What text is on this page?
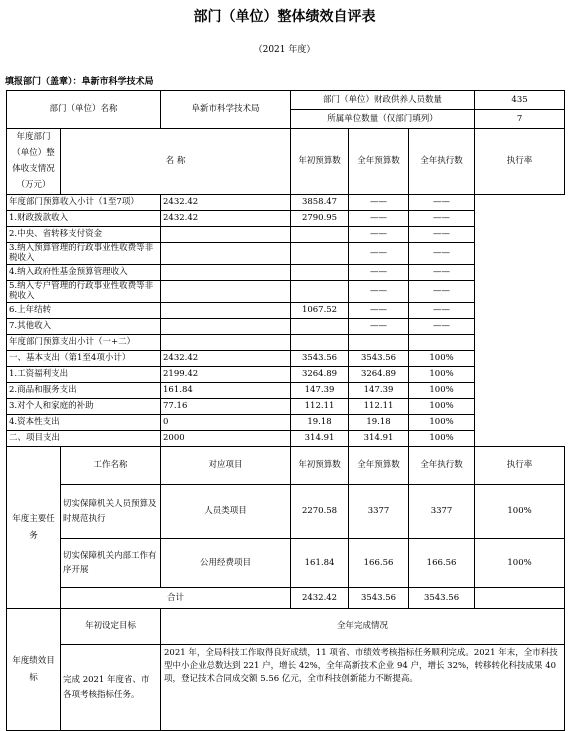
部门（单位）整体绩效自评表
（2021 年度）
填报部门（盖章）：阜新市科学技术局
部门（单位）名称		阜新市科学技术局	部门（单位）财政供养人员数量			435
			所属单位数量（仅部门填列）			7
年度部门（单位）整体收支情况（万元）	名 称		年初预算数	全年预算数	全年执行数	执行率
年度部门预算收入小计（1至7项）		2432.42	3858.47	——	——	
1.财政拨款收入		2432.42	2790.95	——	——	
2.中央、省转移支付资金				——	——	
3.纳入预算管理的行政事业性收费等非税收入				——	——	
4.纳入政府性基金预算管理收入				——	——	
5.纳入专户管理的行政事业性收费等非税收入				——	——	
6.上年结转			1067.52	——	——	
7.其他收入				——	——	
年度部门预算支出小计（一+二）						
一、基本支出（第1至4项小计）		2432.42	3543.56	3543.56	100%	
1.工资福利支出		2199.42	3264.89	3264.89	100%	
2.商品和服务支出		161.84	147.39	147.39	100%	
3.对个人和家庭的补助		77.16	112.11	112.11	100%	
4.资本性支出		0	19.18	19.18	100%	
二、项目支出		2000	314.91	314.91	100%	
年度主要任务	工作名称	对应项目	年初预算数	全年预算数	全年执行数	执行率
	切实保障机关人员预算及时规范执行	人员类项目	2270.58	3377	3377	100%
	切实保障机关内部工作有序开展	公用经费项目	161.84	166.56	166.56	100%
	合计		2432.42	3543.56	3543.56	
年度绩效目标	年初设定目标	全年完成情况				
	完成 2021 年度省、市各项考核指标任务。	2021 年，全局科技工作取得良好成绩，11 项省、市绩效考核指标任务顺利完成。2021 年末，全市科技型中小企业总数达到 221 户，增长 42%，全年高新技术企业 94 户，增长 32%，转移转化科技成果 40 项，登记技术合同成交额 5.56 亿元，全市科技创新能力不断提高。				
